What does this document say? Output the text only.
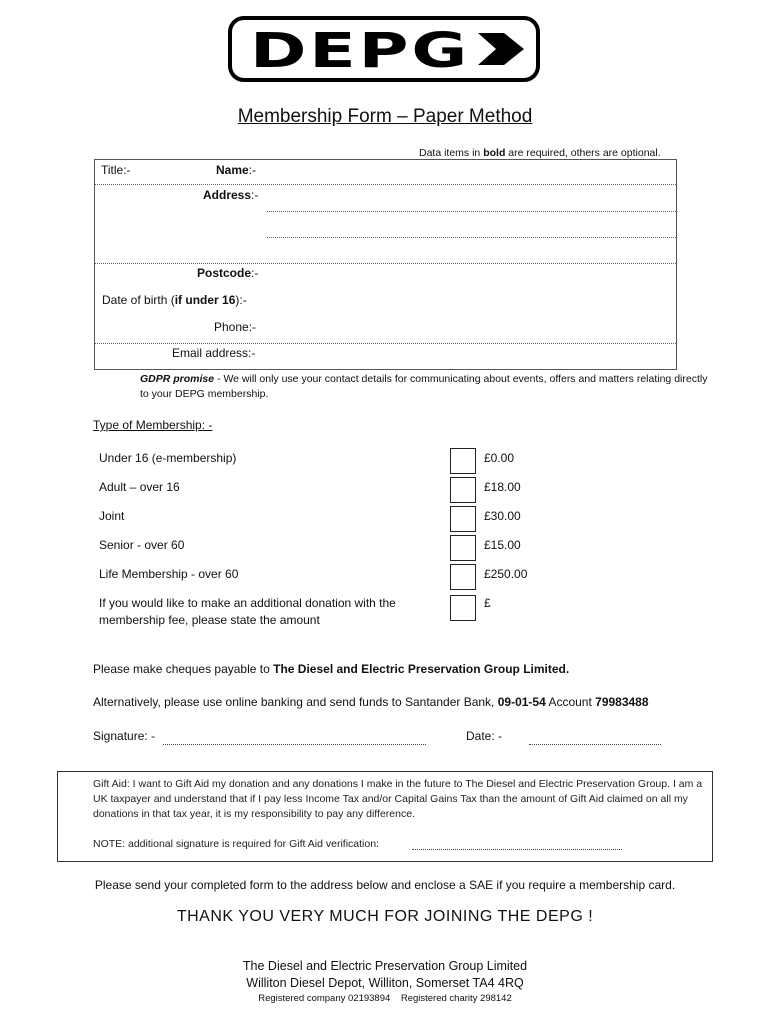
DEPG
Membership Form – Paper Method
Data items in bold are required, others are optional.
Title:-	Name:-
Address:-
Postcode:-
Date of birth (if under 16):-
Phone:-
Email address:-
GDPR promise - We will only use your contact details for communicating about events, offers and matters relating directly to your DEPG membership.
Type of Membership: -
Under 16 (e-membership)	£0.00
Adult – over 16	£18.00
Joint	£30.00
Senior - over 60	£15.00
Life Membership - over 60	£250.00
If you would like to make an additional donation with the membership fee, please state the amount
£
Please make cheques payable to The Diesel and Electric Preservation Group Limited.
Alternatively, please use online banking and send funds to Santander Bank, 09-01-54 Account 79983488
Signature: -	Date: -
Gift Aid: I want to Gift Aid my donation and any donations I make in the future to The Diesel and Electric Preservation Group. I am a UK taxpayer and understand that if I pay less Income Tax and/or Capital Gains Tax than the amount of Gift Aid claimed on all my donations in that tax year, it is my responsibility to pay any difference.
NOTE: additional signature is required for Gift Aid verification:
Please send your completed form to the address below and enclose a SAE if you require a membership card.
THANK YOU VERY MUCH FOR JOINING THE DEPG !
The Diesel and Electric Preservation Group Limited
Williton Diesel Depot, Williton, Somerset TA4 4RQ
Registered company 02193894    Registered charity 298142
